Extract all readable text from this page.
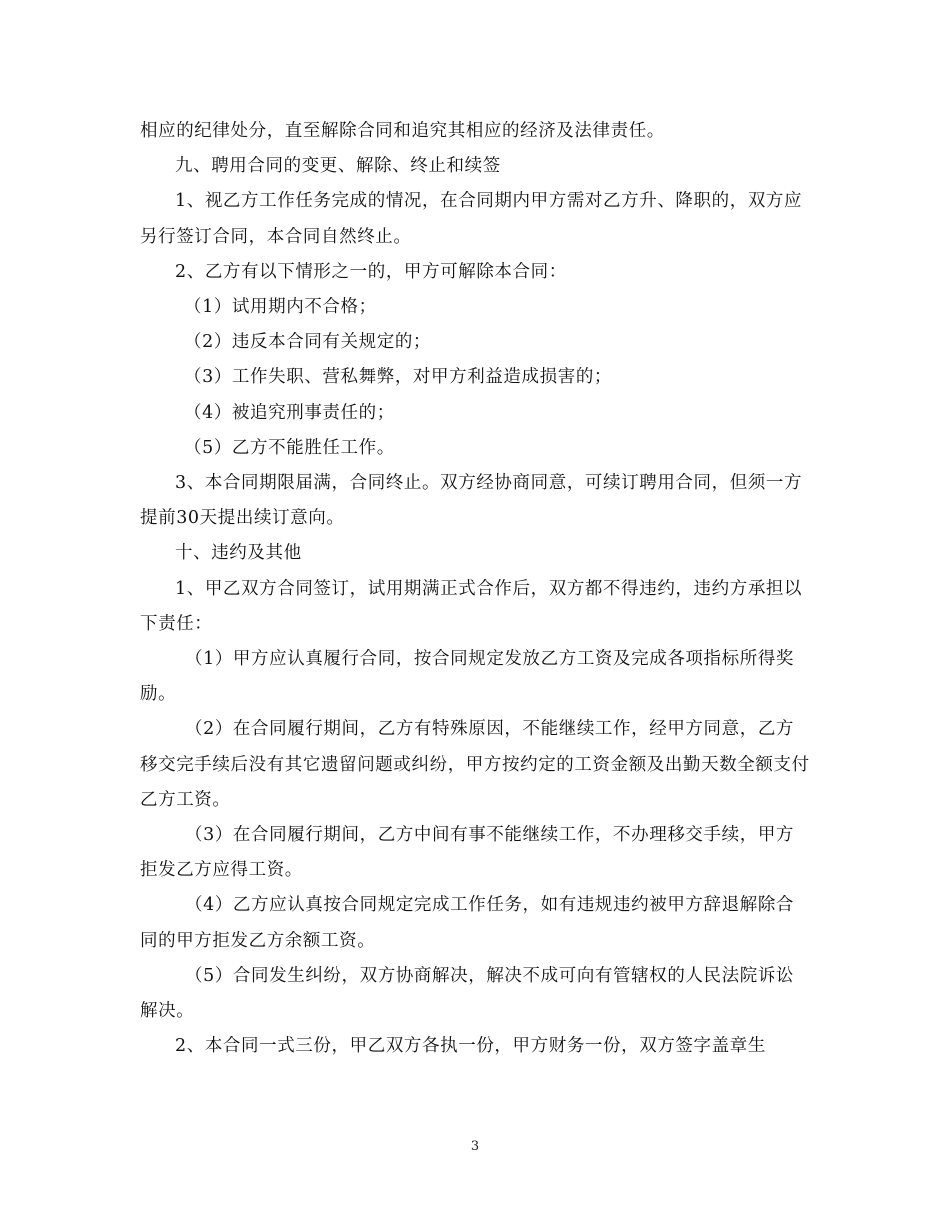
相应的纪律处分，直至解除合同和追究其相应的经济及法律责任。

九、聘用合同的变更、解除、终止和续签

1、视乙方工作任务完成的情况，在合同期内甲方需对乙方升、降职的，双方应另行签订合同，本合同自然终止。

2、乙方有以下情形之一的，甲方可解除本合同：

（1）试用期内不合格；

（2）违反本合同有关规定的；

（3）工作失职、营私舞弊，对甲方利益造成损害的；

（4）被追究刑事责任的；

（5）乙方不能胜任工作。

3、本合同期限届满，合同终止。双方经协商同意，可续订聘用合同，但须一方提前30天提出续订意向。

十、违约及其他

1、甲乙双方合同签订，试用期满正式合作后，双方都不得违约，违约方承担以下责任：

（1）甲方应认真履行合同，按合同规定发放乙方工资及完成各项指标所得奖励。

（2）在合同履行期间，乙方有特殊原因，不能继续工作，经甲方同意，乙方移交完手续后没有其它遗留问题或纠纷，甲方按约定的工资金额及出勤天数全额支付乙方工资。

（3）在合同履行期间，乙方中间有事不能继续工作，不办理移交手续，甲方拒发乙方应得工资。

（4）乙方应认真按合同规定完成工作任务，如有违规违约被甲方辞退解除合同的甲方拒发乙方余额工资。

（5）合同发生纠纷，双方协商解决，解决不成可向有管辖权的人民法院诉讼解决。

2、本合同一式三份，甲乙双方各执一份，甲方财务一份，双方签字盖章生

3
